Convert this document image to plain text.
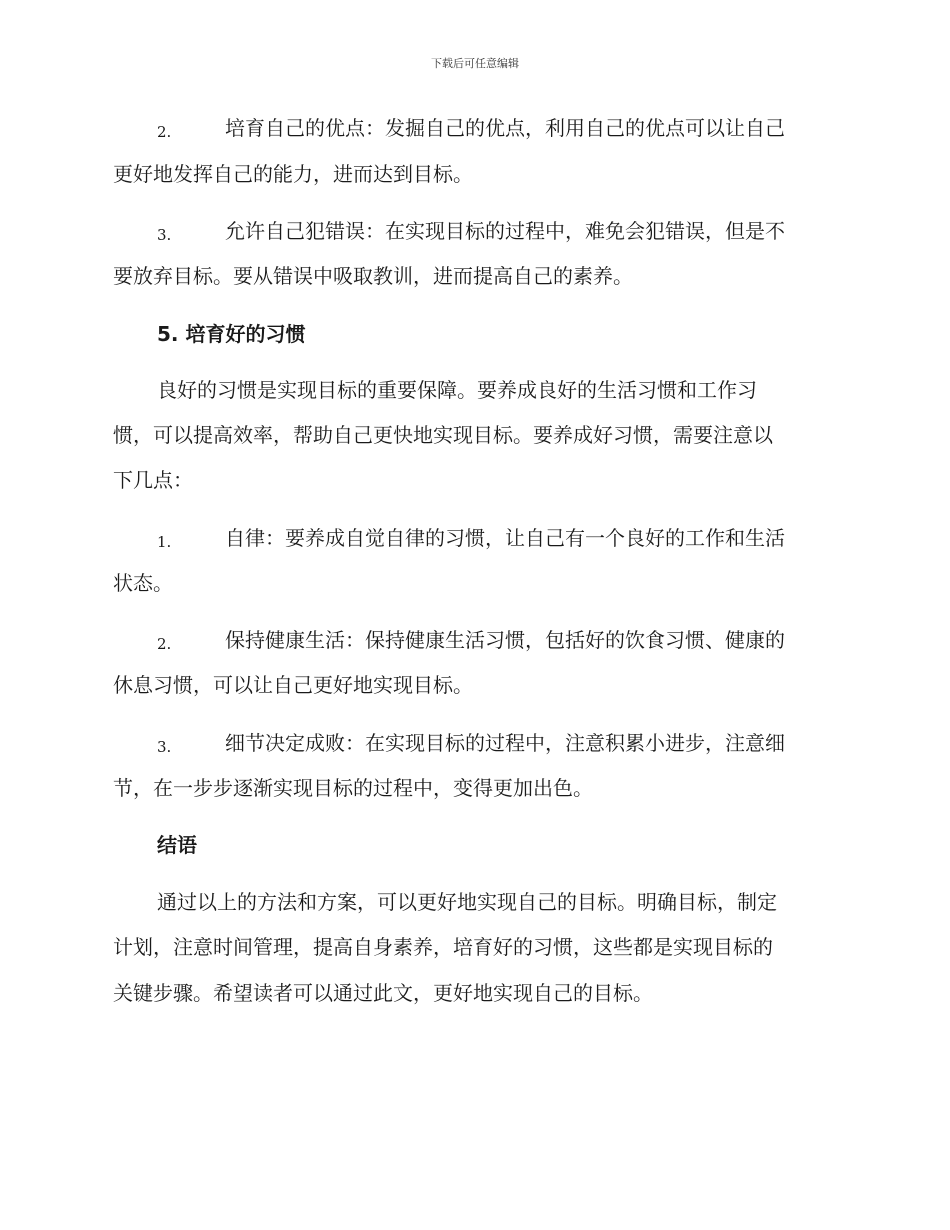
下载后可任意编辑
2.	培育自己的优点：发掘自己的优点，利用自己的优点可以让自己
更好地发挥自己的能力，进而达到目标。
3.	允许自己犯错误：在实现目标的过程中，难免会犯错误，但是不
要放弃目标。要从错误中吸取教训，进而提高自己的素养。
5. 培育好的习惯
良好的习惯是实现目标的重要保障。要养成良好的生活习惯和工作习
惯，可以提高效率，帮助自己更快地实现目标。要养成好习惯，需要注意以
下几点：
1.	自律：要养成自觉自律的习惯，让自己有一个良好的工作和生活
状态。
2.	保持健康生活：保持健康生活习惯，包括好的饮食习惯、健康的
休息习惯，可以让自己更好地实现目标。
3.	细节决定成败：在实现目标的过程中，注意积累小进步，注意细
节，在一步步逐渐实现目标的过程中，变得更加出色。
结语
通过以上的方法和方案，可以更好地实现自己的目标。明确目标，制定
计划，注意时间管理，提高自身素养，培育好的习惯，这些都是实现目标的
关键步骤。希望读者可以通过此文，更好地实现自己的目标。
